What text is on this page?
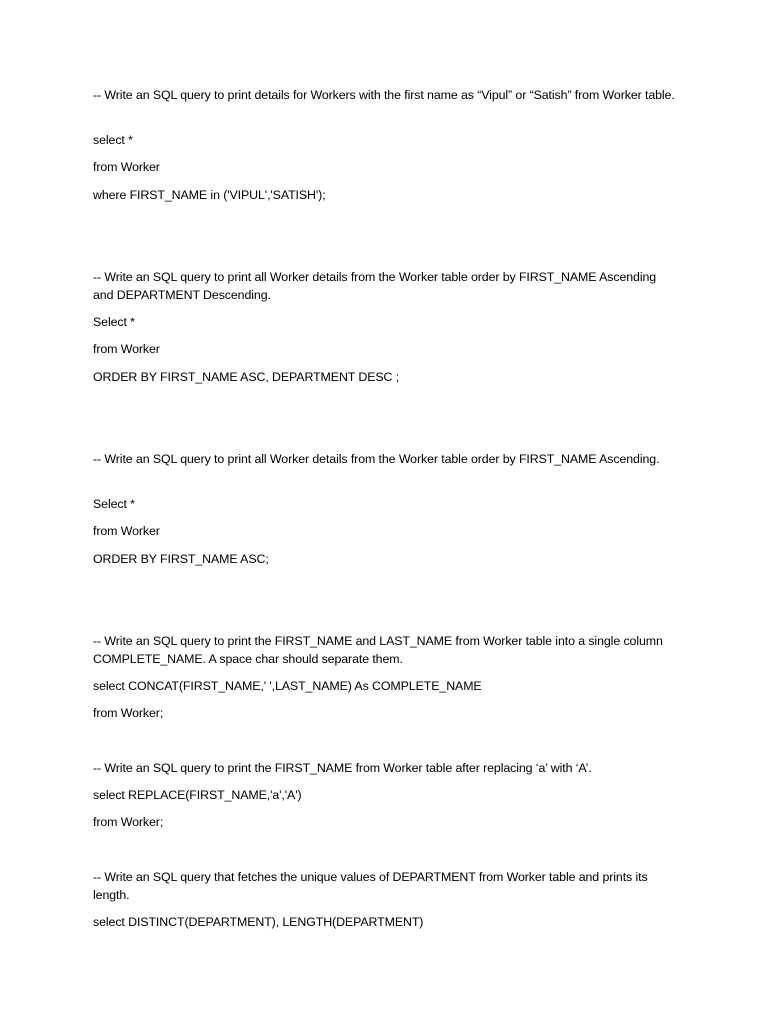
-- Write an SQL query to print details for Workers with the first name as “Vipul” or “Satish” from Worker table.
select *
from Worker
where FIRST_NAME in ('VIPUL','SATISH');
-- Write an SQL query to print all Worker details from the Worker table order by FIRST_NAME Ascending and DEPARTMENT Descending.
Select *
from Worker
ORDER BY FIRST_NAME ASC, DEPARTMENT DESC ;
-- Write an SQL query to print all Worker details from the Worker table order by FIRST_NAME Ascending.
Select *
from Worker
ORDER BY FIRST_NAME ASC;
-- Write an SQL query to print the FIRST_NAME and LAST_NAME from Worker table into a single column COMPLETE_NAME. A space char should separate them.
select CONCAT(FIRST_NAME,' ',LAST_NAME) As COMPLETE_NAME
from Worker;
-- Write an SQL query to print the FIRST_NAME from Worker table after replacing ‘a’ with ‘A’.
select REPLACE(FIRST_NAME,'a','A')
from Worker;
-- Write an SQL query that fetches the unique values of DEPARTMENT from Worker table and prints its length.
select DISTINCT(DEPARTMENT), LENGTH(DEPARTMENT)
